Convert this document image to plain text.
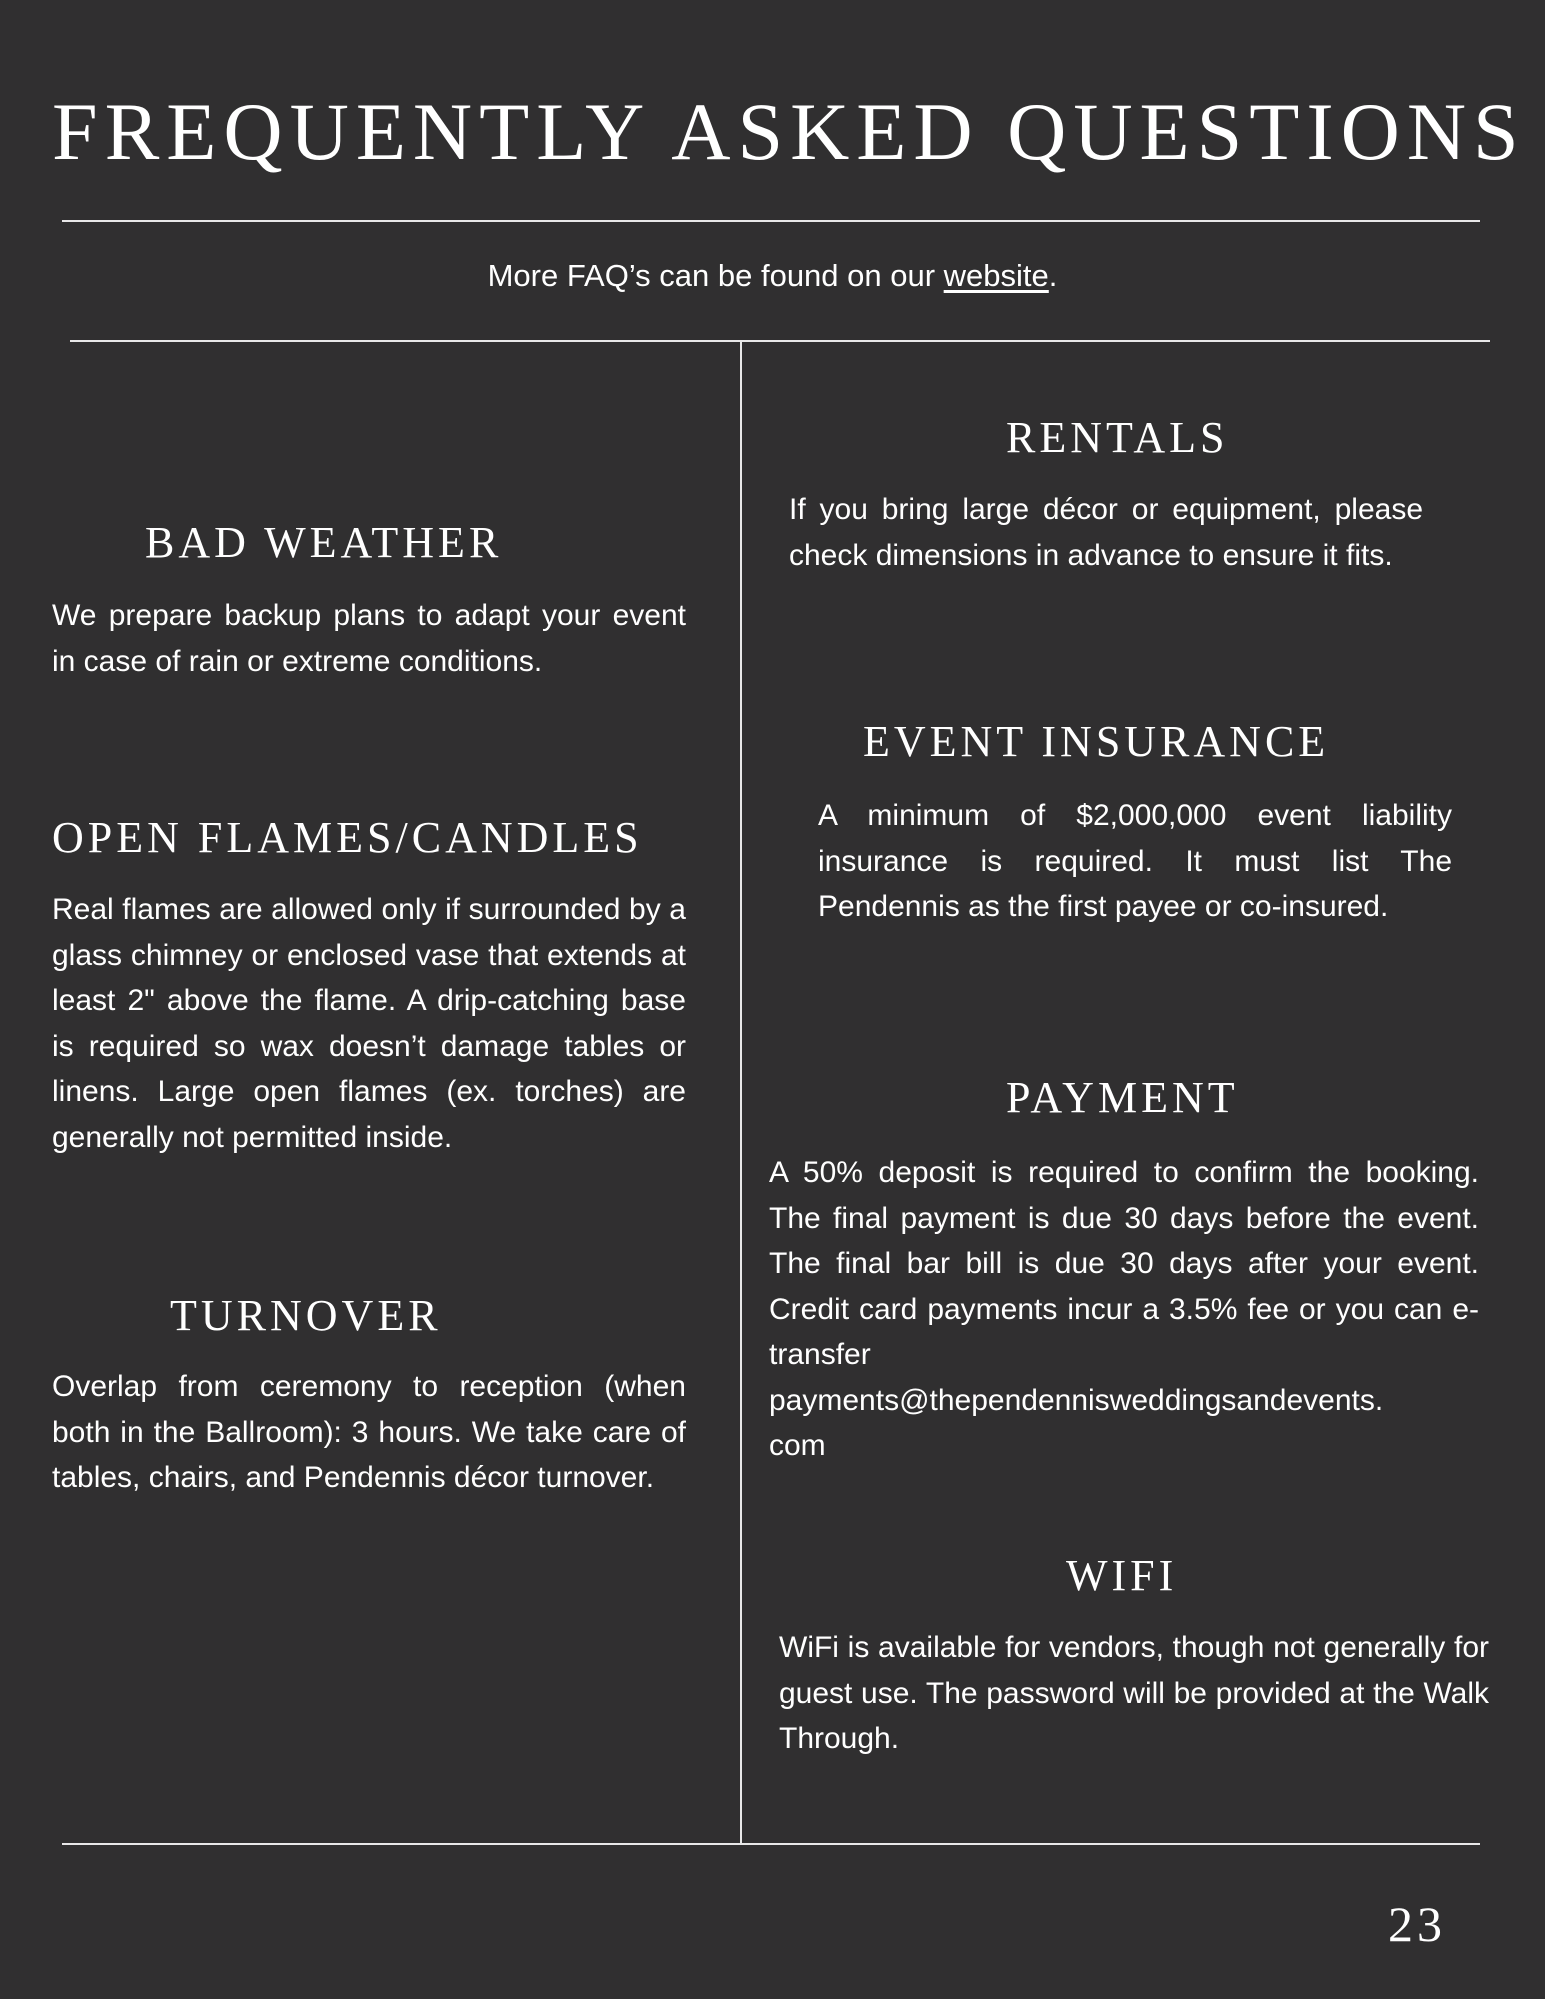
FREQUENTLY ASKED QUESTIONS
More FAQ’s can be found on our website.
BAD WEATHER

We prepare backup plans to adapt your event in case of rain or extreme conditions.

OPEN FLAMES/CANDLES

Real flames are allowed only if surrounded by a glass chimney or enclosed vase that extends at least 2" above the flame. A drip-catching base is required so wax doesn’t damage tables or linens. Large open flames (ex. torches) are generally not permitted inside.

TURNOVER

Overlap from ceremony to reception (when both in the Ballroom): 3 hours. We take care of tables, chairs, and Pendennis décor turnover.

RENTALS

If you bring large décor or equipment, please check dimensions in advance to ensure it fits.

EVENT INSURANCE

A minimum of $2,000,000 event liability insurance is required. It must list The Pendennis as the first payee or co-insured.

PAYMENT

A 50% deposit is required to confirm the booking. The final payment is due 30 days before the event. The final bar bill is due 30 days after your event. Credit card payments incur a 3.5% fee or you can e-transfer

payments@thependennisweddingsandevents.

com

WIFI

WiFi is available for vendors, though not generally for guest use. The password will be provided at the Walk Through.

23
